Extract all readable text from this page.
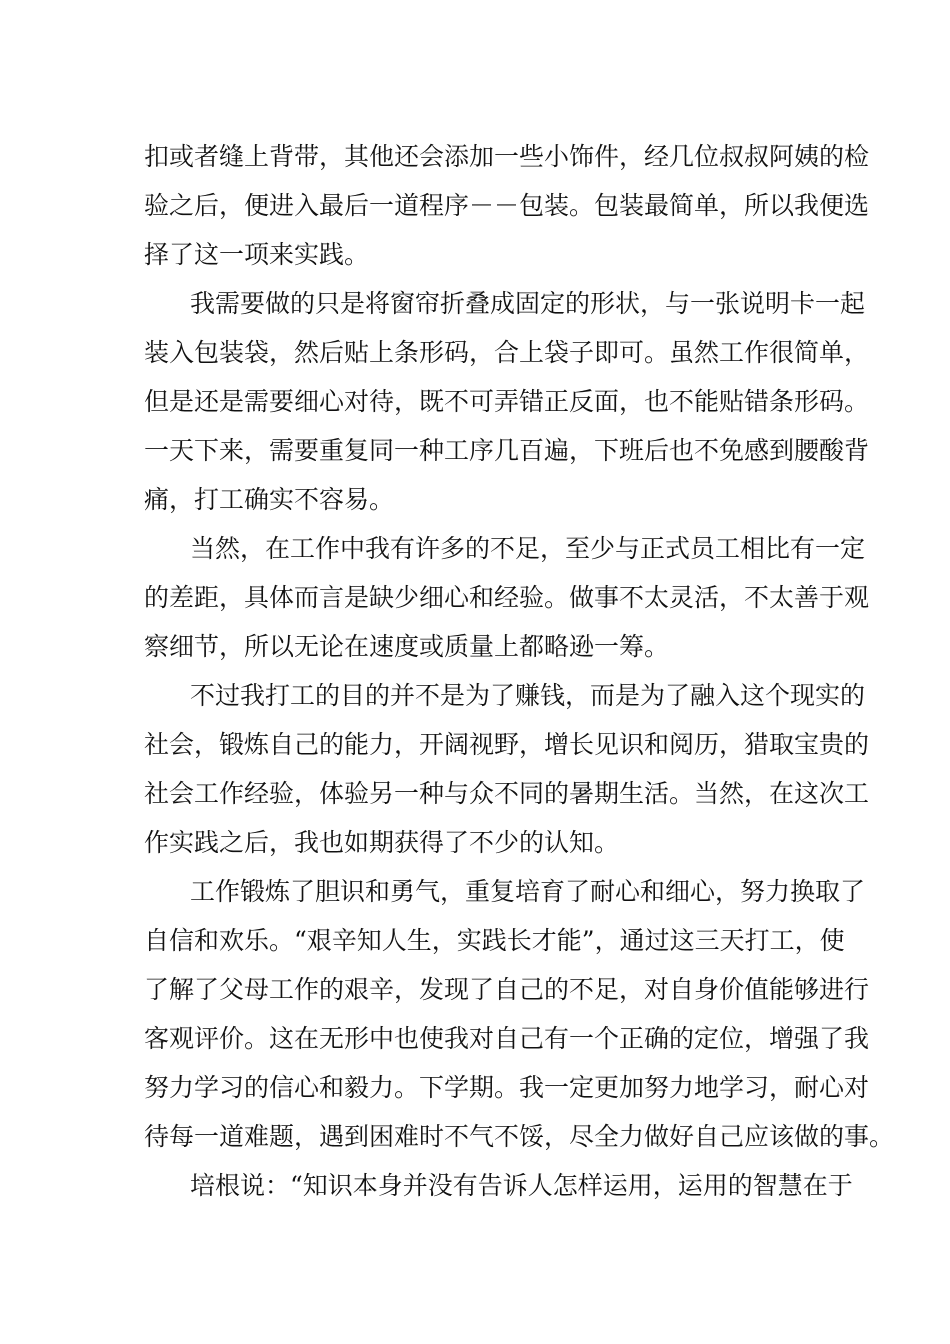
扣或者缝上背带，其他还会添加一些小饰件，经几位叔叔阿姨的检
验之后，便进入最后一道程序－－包装。包装最简单，所以我便选
择了这一项来实践。
我需要做的只是将窗帘折叠成固定的形状，与一张说明卡一起
装入包装袋，然后贴上条形码，合上袋子即可。虽然工作很简单，
但是还是需要细心对待，既不可弄错正反面，也不能贴错条形码。
一天下来，需要重复同一种工序几百遍，下班后也不免感到腰酸背
痛，打工确实不容易。
当然，在工作中我有许多的不足，至少与正式员工相比有一定
的差距，具体而言是缺少细心和经验。做事不太灵活，不太善于观
察细节，所以无论在速度或质量上都略逊一筹。
不过我打工的目的并不是为了赚钱，而是为了融入这个现实的
社会，锻炼自己的能力，开阔视野，增长见识和阅历，猎取宝贵的
社会工作经验，体验另一种与众不同的暑期生活。当然，在这次工
作实践之后，我也如期获得了不少的认知。
工作锻炼了胆识和勇气，重复培育了耐心和细心，努力换取了
自信和欢乐。“艰辛知人生，实践长才能”，通过这三天打工，使
了解了父母工作的艰辛，发现了自己的不足，对自身价值能够进行
客观评价。这在无形中也使我对自己有一个正确的定位，增强了我
努力学习的信心和毅力。下学期。我一定更加努力地学习，耐心对
待每一道难题，遇到困难时不气不馁，尽全力做好自己应该做的事。
培根说：“知识本身并没有告诉人怎样运用，运用的智慧在于
